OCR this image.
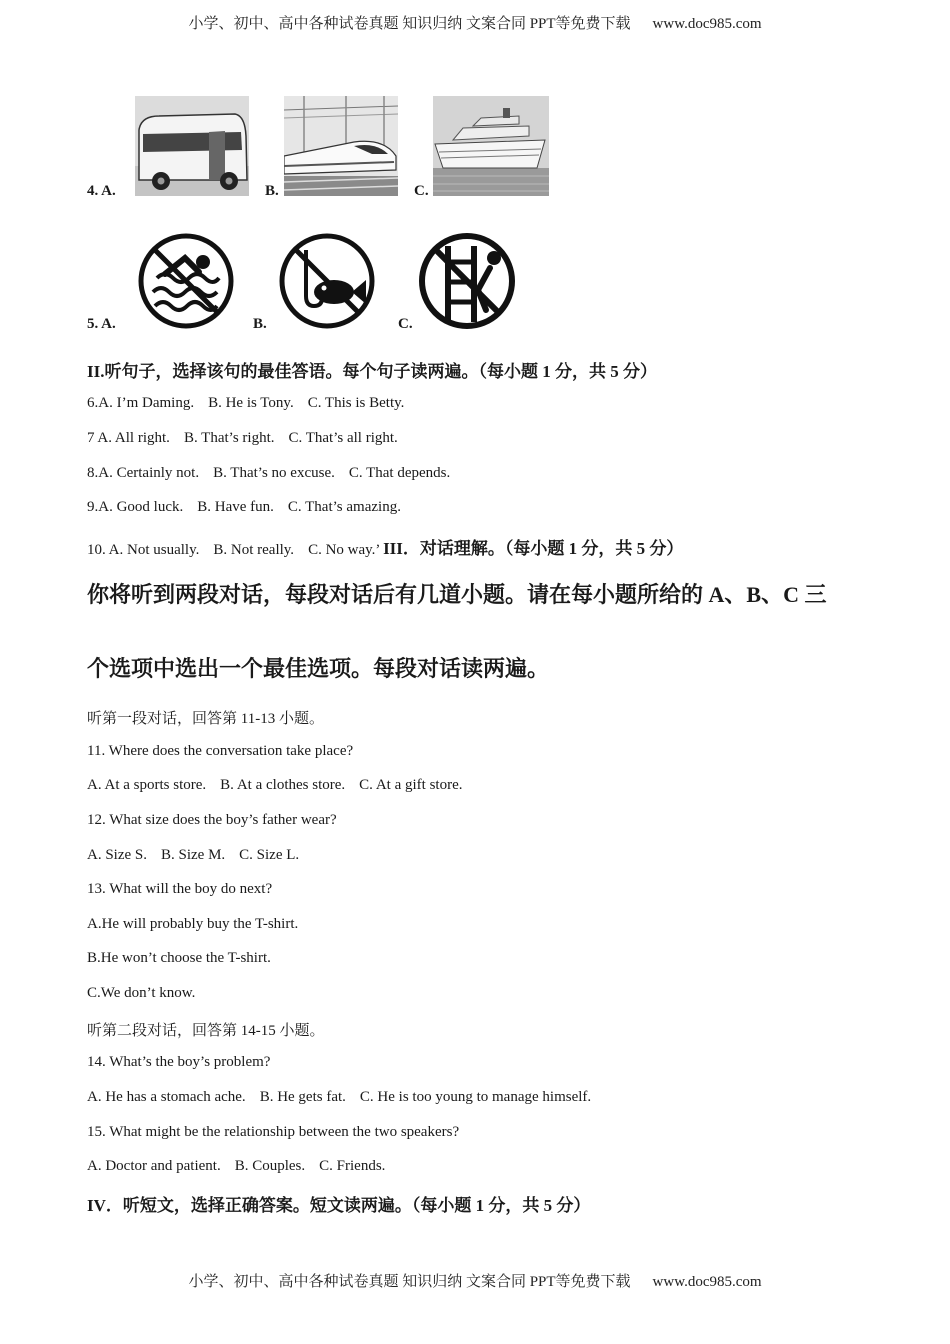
小学、初中、高中各种试卷真题 知识归纳 文案合同 PPT等免费下载 www.doc985.com
4. A.	B.	C.
5. A.	B.	C.
II.听句子，选择该句的最佳答语。每个句子读两遍。（每小题 1 分，共 5 分）
6.A. I’m Daming. B. He is Tony. C. This is Betty.
7 A. All right. B. That’s right. C. That’s all right.
8.A. Certainly not. B. That’s no excuse. C. That depends.
9.A. Good luck. B. Have fun. C. That’s amazing.
10. A. Not usually. B. Not really. C. No way.’ III．对话理解。（每小题 1 分，共 5 分）
你将听到两段对话，每段对话后有几道小题。请在每小题所给的 A、B、C 三
个选项中选出一个最佳选项。每段对话读两遍。
听第一段对话，回答第 11-13 小题。
11. Where does the conversation take place?
A. At a sports store. B. At a clothes store. C. At a gift store.
12. What size does the boy’s father wear?
A. Size S. B. Size M. C. Size L.
13. What will the boy do next?
A.He will probably buy the T-shirt.
B.He won’t choose the T-shirt.
C.We don’t know.
听第二段对话，回答第 14-15 小题。
14. What’s the boy’s problem?
A. He has a stomach ache. B. He gets fat. C. He is too young to manage himself.
15. What might be the relationship between the two speakers?
A. Doctor and patient. B. Couples. C. Friends.
IV．听短文，选择正确答案。短文读两遍。（每小题 1 分，共 5 分）
小学、初中、高中各种试卷真题 知识归纳 文案合同 PPT等免费下载 www.doc985.com
